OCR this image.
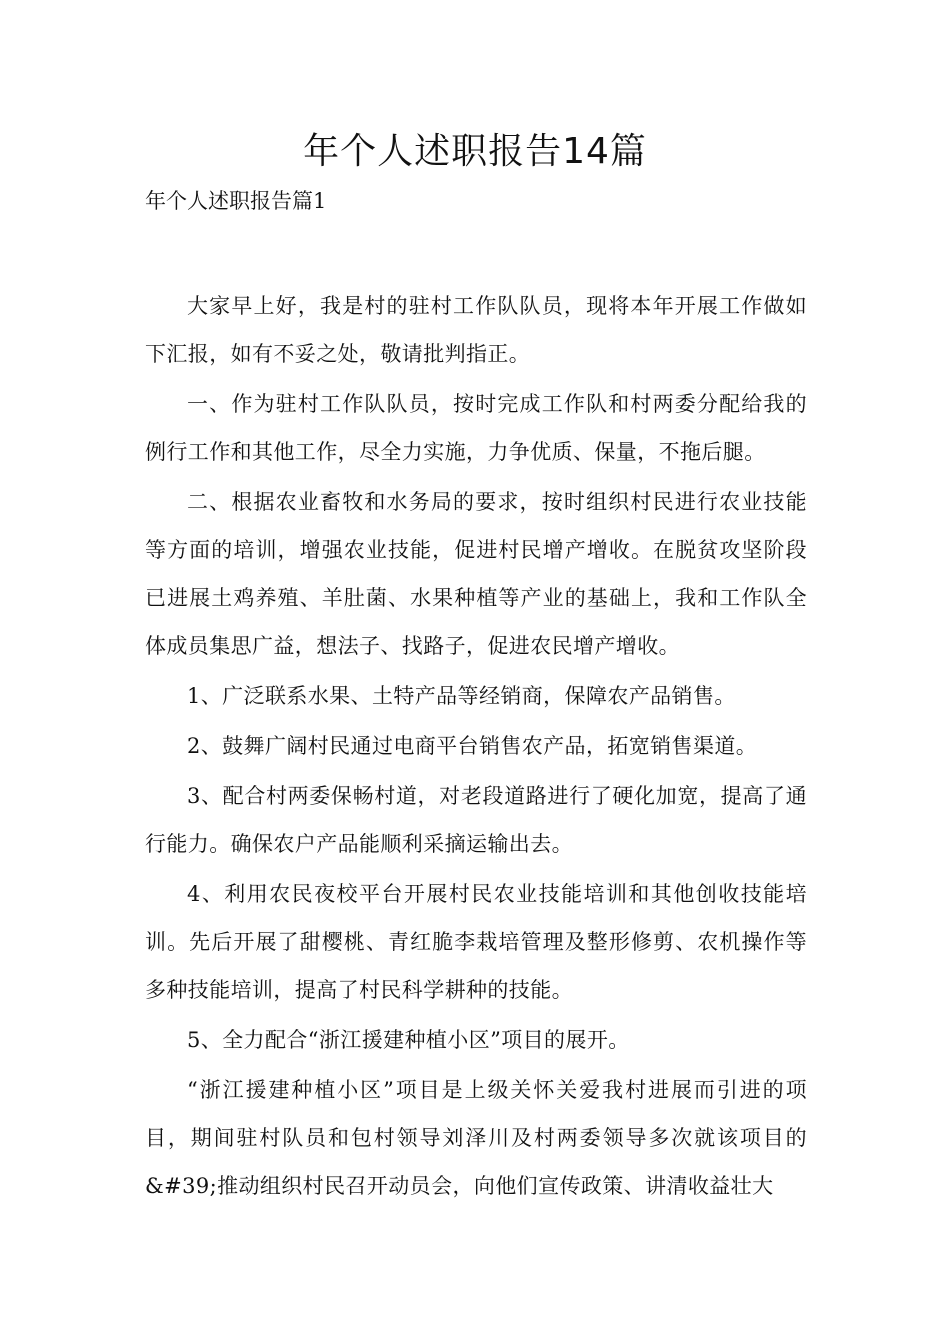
年个人述职报告14篇

年个人述职报告篇1

大家早上好，我是村的驻村工作队队员，现将本年开展工作做如下汇报，如有不妥之处，敬请批判指正。

一、作为驻村工作队队员，按时完成工作队和村两委分配给我的例行工作和其他工作，尽全力实施，力争优质、保量，不拖后腿。

二、根据农业畜牧和水务局的要求，按时组织村民进行农业技能等方面的培训，增强农业技能，促进村民增产增收。在脱贫攻坚阶段已进展土鸡养殖、羊肚菌、水果种植等产业的基础上，我和工作队全体成员集思广益，想法子、找路子，促进农民增产增收。

1、广泛联系水果、土特产品等经销商，保障农产品销售。

2、鼓舞广阔村民通过电商平台销售农产品，拓宽销售渠道。

3、配合村两委保畅村道，对老段道路进行了硬化加宽，提高了通行能力。确保农户产品能顺利采摘运输出去。

4、利用农民夜校平台开展村民农业技能培训和其他创收技能培训。先后开展了甜樱桃、青红脆李栽培管理及整形修剪、农机操作等多种技能培训，提高了村民科学耕种的技能。

5、全力配合“浙江援建种植小区”项目的展开。

“浙江援建种植小区”项目是上级关怀关爱我村进展而引进的项目，期间驻村队员和包村领导刘泽川及村两委领导多次就该项目的&#39;推动组织村民召开动员会，向他们宣传政策、讲清收益壮大
